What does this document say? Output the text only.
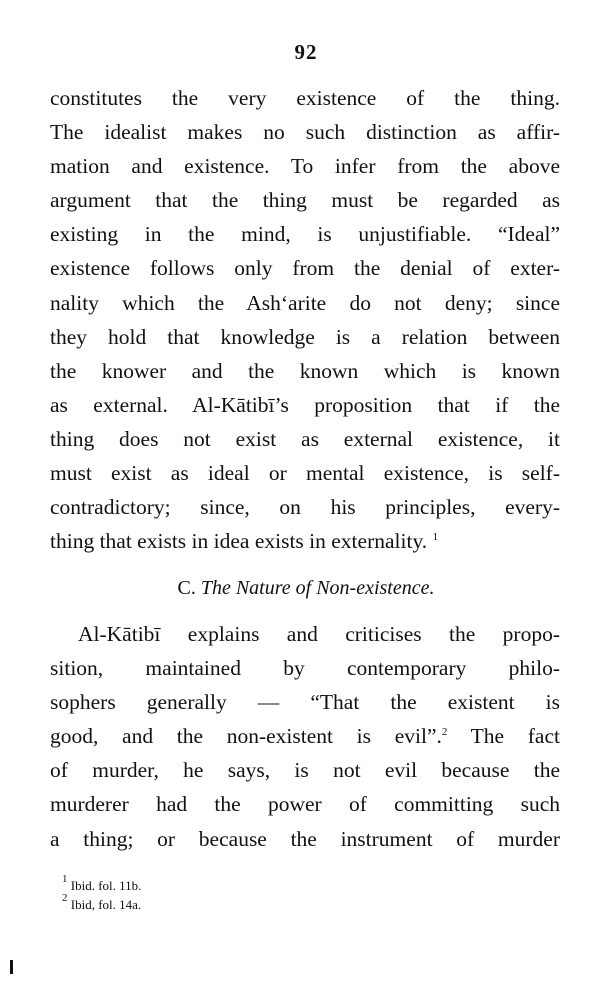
92
constitutes the very existence of the thing.
The idealist makes no such distinction as affir-
mation and existence. To infer from the above
argument that the thing must be regarded as
existing in the mind, is unjustifiable. “Ideal”
existence follows only from the denial of exter-
nality which the Ash‘arite do not deny; since
they hold that knowledge is a relation between
the knower and the known which is known
as external. Al-Kātibī’s proposition that if the
thing does not exist as external existence, it
must exist as ideal or mental existence, is self-
contradictory; since, on his principles, every-
thing that exists in idea exists in externality. $^1$
C. The Nature of Non-existence.
Al-Kātibī explains and criticises the propo-
sition, maintained by contemporary philo-
sophers generally — “That the existent is
good, and the non-existent is evil”.$^2$ The fact
of murder, he says, is not evil because the
murderer had the power of committing such
a thing; or because the instrument of murder
$^1$ Ibid. fol. 11b.
$^2$ Ibid, fol. 14a.
